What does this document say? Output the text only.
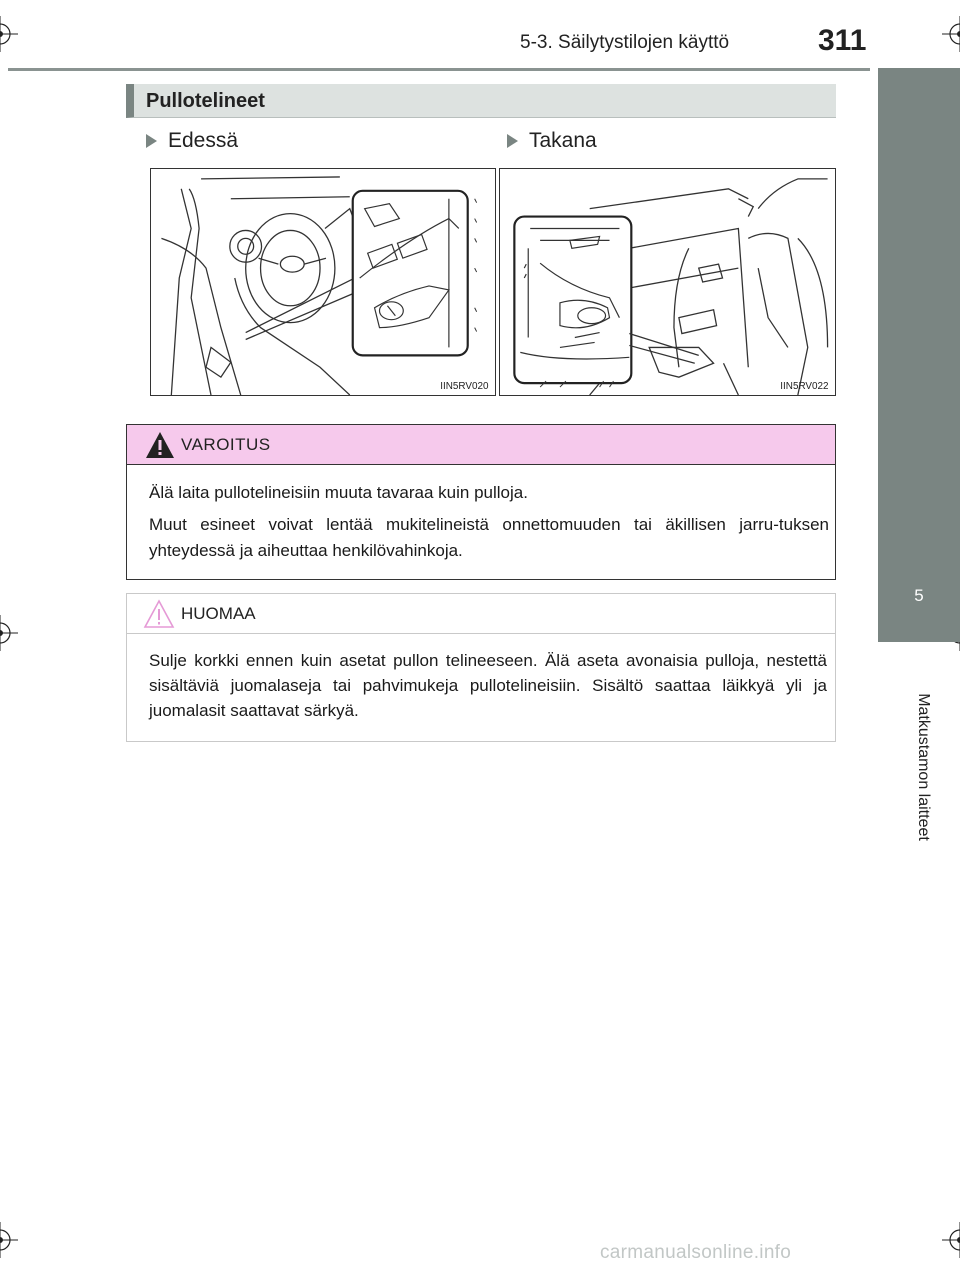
5-3. Säilytystilojen käyttö	311
5
Matkustamon laitteet
Pullotelineet
Edessä	Takana
IIN5RV020	IIN5RV022
VAROITUS
Älä laita pullotelineisiin muuta tavaraa kuin pulloja.
Muut esineet voivat lentää mukitelineistä onnettomuuden tai äkillisen jarru-tuksen yhteydessä ja aiheuttaa henkilövahinkoja.
HUOMAA
Sulje korkki ennen kuin asetat pullon telineeseen. Älä aseta avonaisia pulloja, nestettä sisältäviä juomalaseja tai pahvimukeja pullotelineisiin. Sisältö saattaa läikkyä yli ja juomalasit saattavat särkyä.
carmanualsonline.info
